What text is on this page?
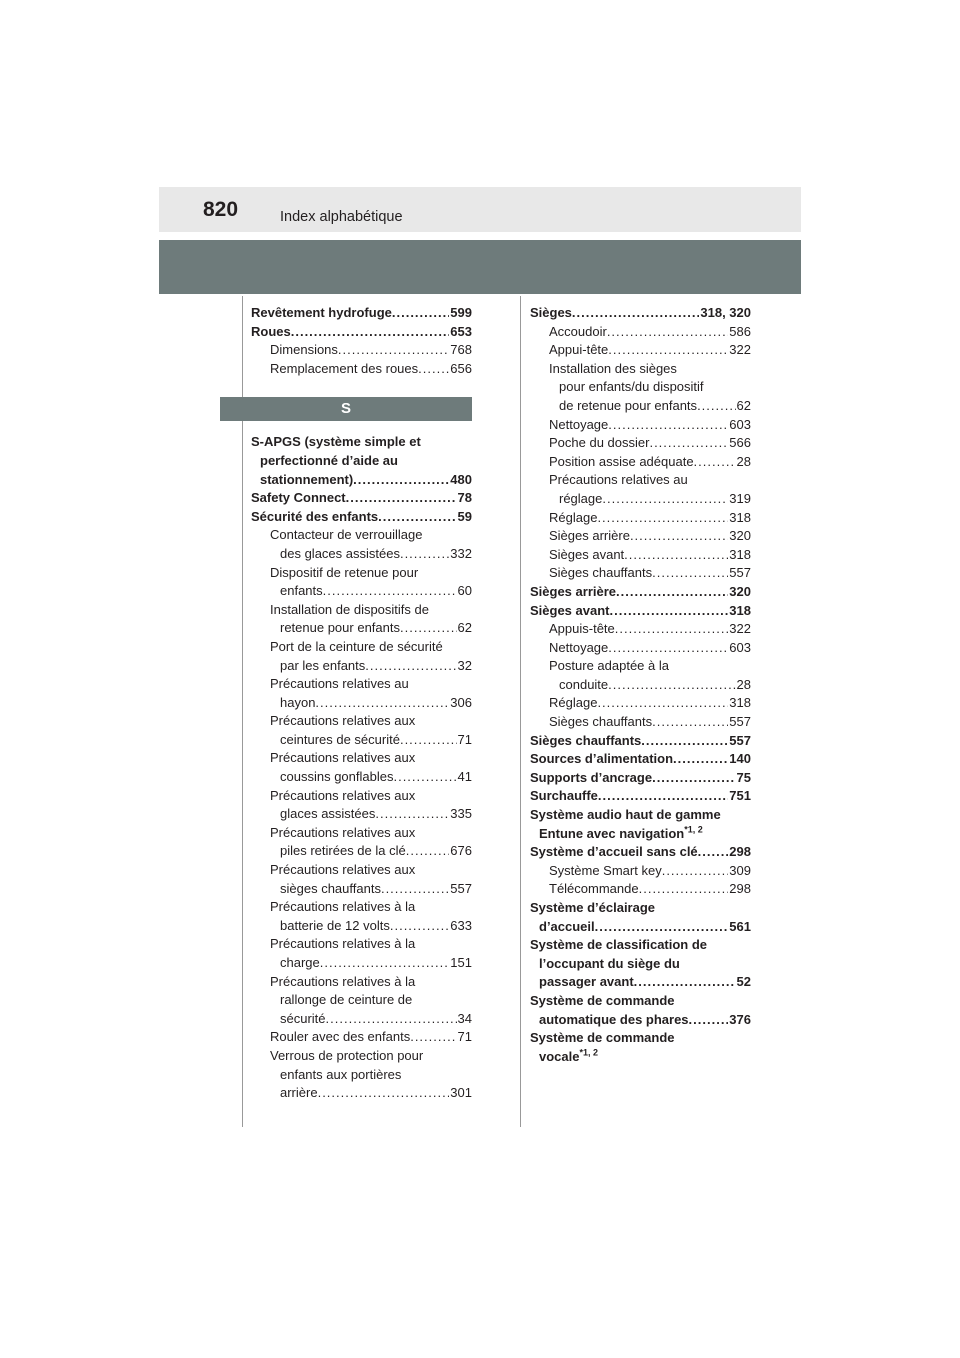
820	Index alphabétique
Revêtement hydrofuge .....	599
Roues .....	653
Dimensions .....	768
Remplacement des roues ..... 656
S
S-APGS (système simple et
perfectionné d’aide au
stationnement) .....	480
Safety Connect .....	78
Sécurité des enfants .....	59
Contacteur de verrouillage
des glaces assistées .....	332
Dispositif de retenue pour
enfants .....	60
Installation de dispositifs de
retenue pour enfants .....	62
Port de la ceinture de sécurité
par les enfants .....	32
Précautions relatives au
hayon .....	306
Précautions relatives aux
ceintures de sécurité .....	71
Précautions relatives aux
coussins gonflables .....	41
Précautions relatives aux
glaces assistées .....	335
Précautions relatives aux
piles retirées de la clé .....	676
Précautions relatives aux
sièges chauffants .....	557
Précautions relatives à la
batterie de 12 volts .....	633
Précautions relatives à la
charge .....	151
Précautions relatives à la
rallonge de ceinture de
sécurité .....	34
Rouler avec des enfants .....	71
Verrous de protection pour
enfants aux portières
arrière .....	301
Sièges .....	318, 320
Accoudoir .....	586
Appui-tête .....	322
Installation des sièges
pour enfants/du dispositif
de retenue pour enfants .....	62
Nettoyage .....	603
Poche du dossier .....	566
Position assise adéquate .....	28
Précautions relatives au
réglage .....	319
Réglage .....	318
Sièges arrière .....	320
Sièges avant .....	318
Sièges chauffants .....	557
Sièges arrière .....	320
Sièges avant .....	318
Appuis-tête .....	322
Nettoyage .....	603
Posture adaptée à la
conduite .....	28
Réglage .....	318
Sièges chauffants .....	557
Sièges chauffants .....	557
Sources d’alimentation .....	140
Supports d’ancrage .....	75
Surchauffe .....	751
Système audio haut de gamme
Entune avec navigation$^{*1, 2}$
Système d’accueil sans clé ..... 298
Système Smart key .....	309
Télécommande .....	298
Système d’éclairage
d’accueil .....	561
Système de classification de
l’occupant du siège du
passager avant .....	52
Système de commande
automatique des phares .....	376
Système de commande
vocale$^{*1, 2}$
